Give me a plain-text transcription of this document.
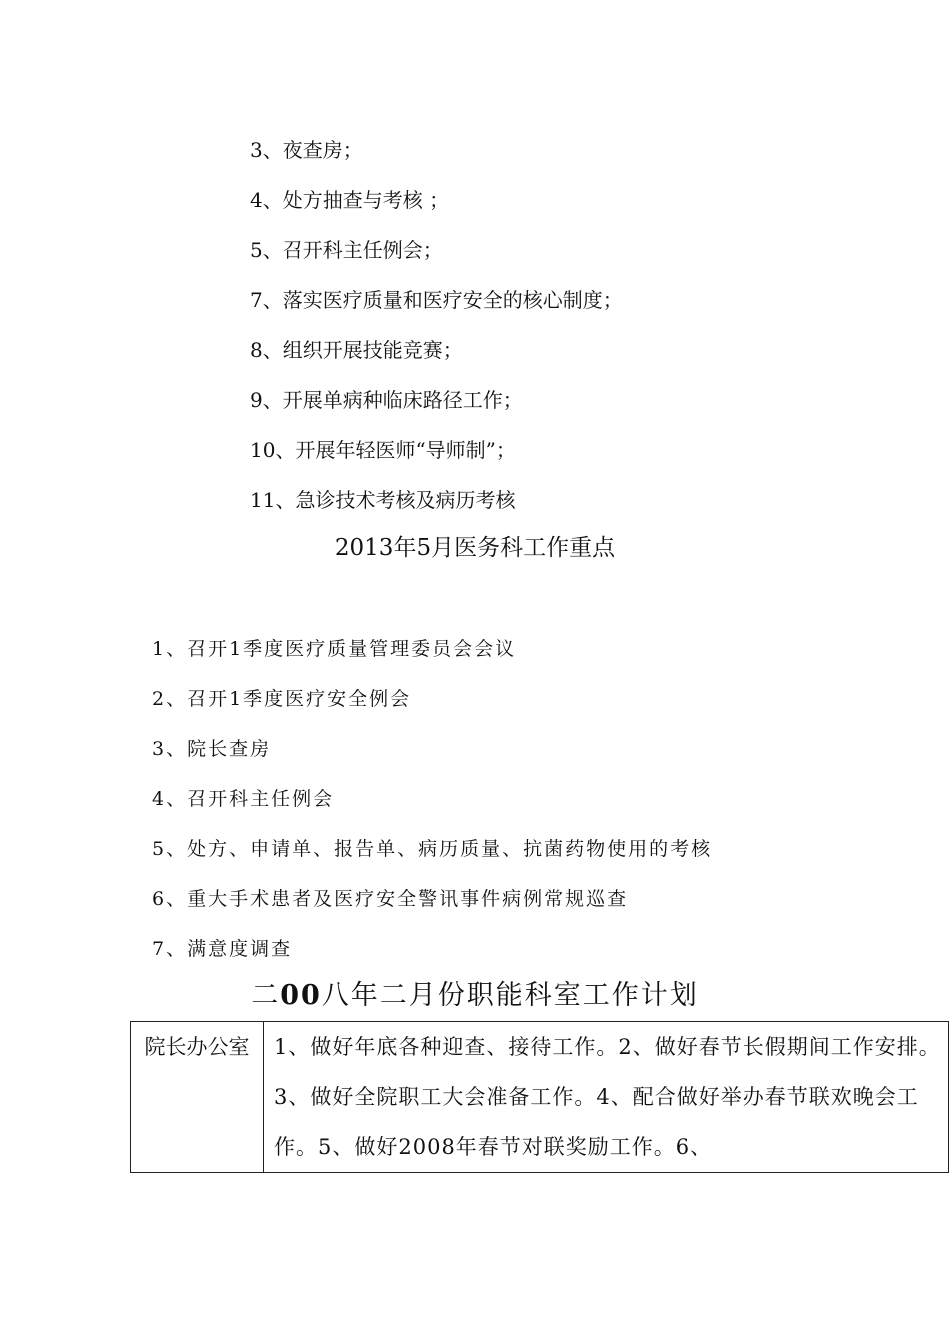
3、夜查房；
4、处方抽查与考核 ；
5、召开科主任例会；
7、落实医疗质量和医疗安全的核心制度；
8、组织开展技能竞赛；
9、开展单病种临床路径工作；
10、开展年轻医师“导师制”；
11、急诊技术考核及病历考核
2013年5月医务科工作重点
1、召开1季度医疗质量管理委员会会议
2、召开1季度医疗安全例会
3、院长查房
4、召开科主任例会
5、处方、申请单、报告单、病历质量、抗菌药物使用的考核
6、重大手术患者及医疗安全警讯事件病例常规巡查
7、满意度调查
二00八年二月份职能科室工作计划
院长办公室	1、做好年底各种迎查、接待工作。2、做好春节长假期间工作安排。3、做好全院职工大会准备工作。4、配合做好举办春节联欢晚会工作。5、做好2008年春节对联奖励工作。6、
